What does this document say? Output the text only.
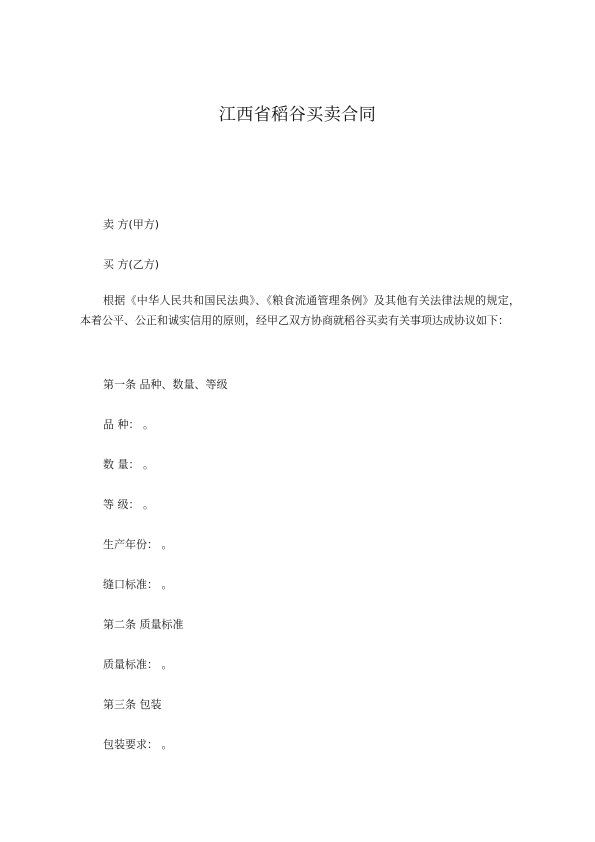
江西省稻谷买卖合同
卖 方(甲方)
买 方(乙方)
根据《中华人民共和国民法典》、《粮食流通管理条例》及其他有关法律法规的规定，本着公平、公正和诚实信用的原则，经甲乙双方协商就稻谷买卖有关事项达成协议如下：
第一条 品种、数量、等级
品 种： 。
数 量： 。
等 级： 。
生产年份： 。
缝口标准： 。
第二条 质量标准
质量标准： 。
第三条 包装
包装要求： 。
